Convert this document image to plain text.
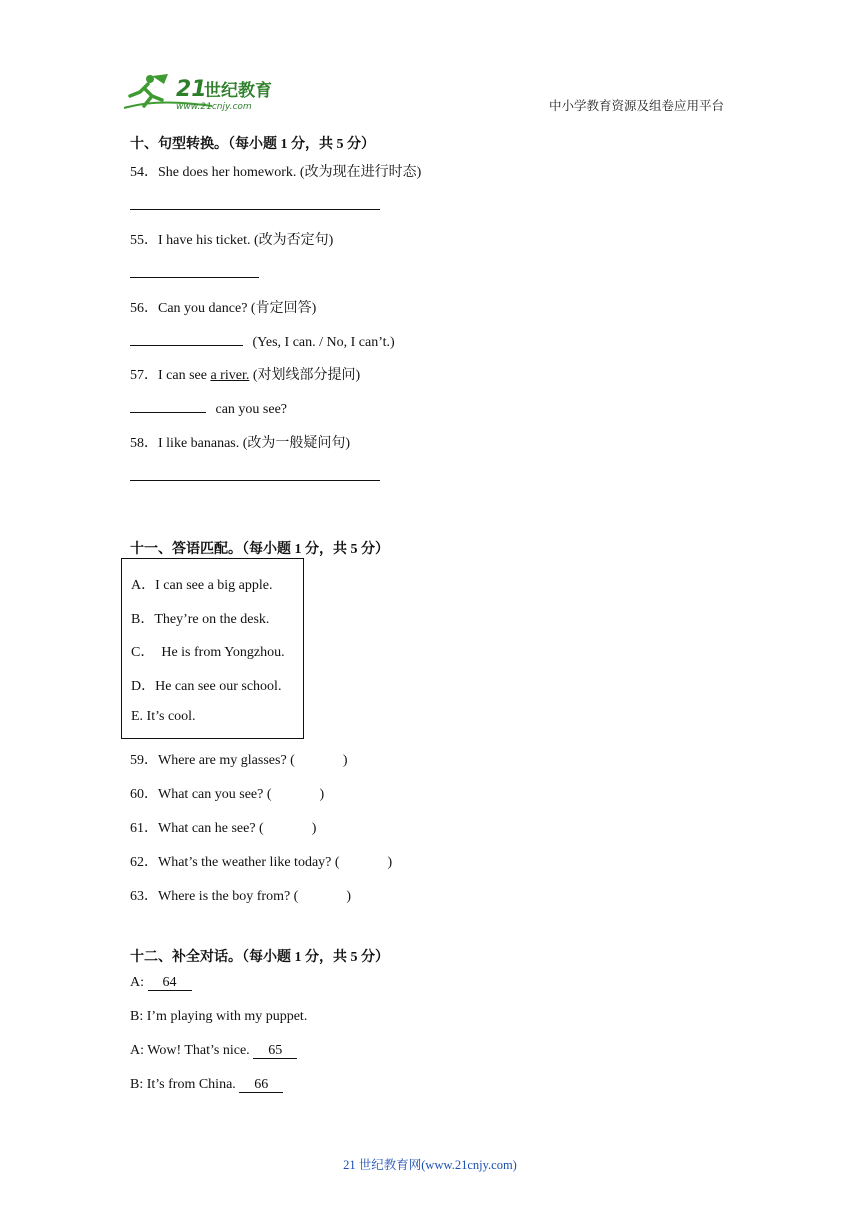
21
世纪教育
www.21cnjy.com	中小学教育资源及组卷应用平台
十、句型转换。（每小题 1 分，共 5 分）
54．She does her homework. (改为现在进行时态)
55．I have his ticket. (改为否定句)
56．Can you dance? (肯定回答)
(Yes, I can. / No, I can’t.)
57．I can see a river. (对划线部分提问)
can you see?
58．I like bananas. (改为一般疑问句)
十一、答语匹配。（每小题 1 分，共 5 分）
A．I can see a big apple.
B．They’re on the desk.
C．  He is from Yongzhou.
D．He can see our school.
E. It’s cool.
59．Where are my glasses? (	)
60．What can you see? (	)
61．What can he see? (	)
62．What’s the weather like today? (	)
63．Where is the boy from? (	)
十二、补全对话。（每小题 1 分，共 5 分）
A: 64
B: I’m playing with my puppet.
A: Wow! That’s nice. 65
B: It’s from China. 66
21 世纪教育网(www.21cnjy.com)
